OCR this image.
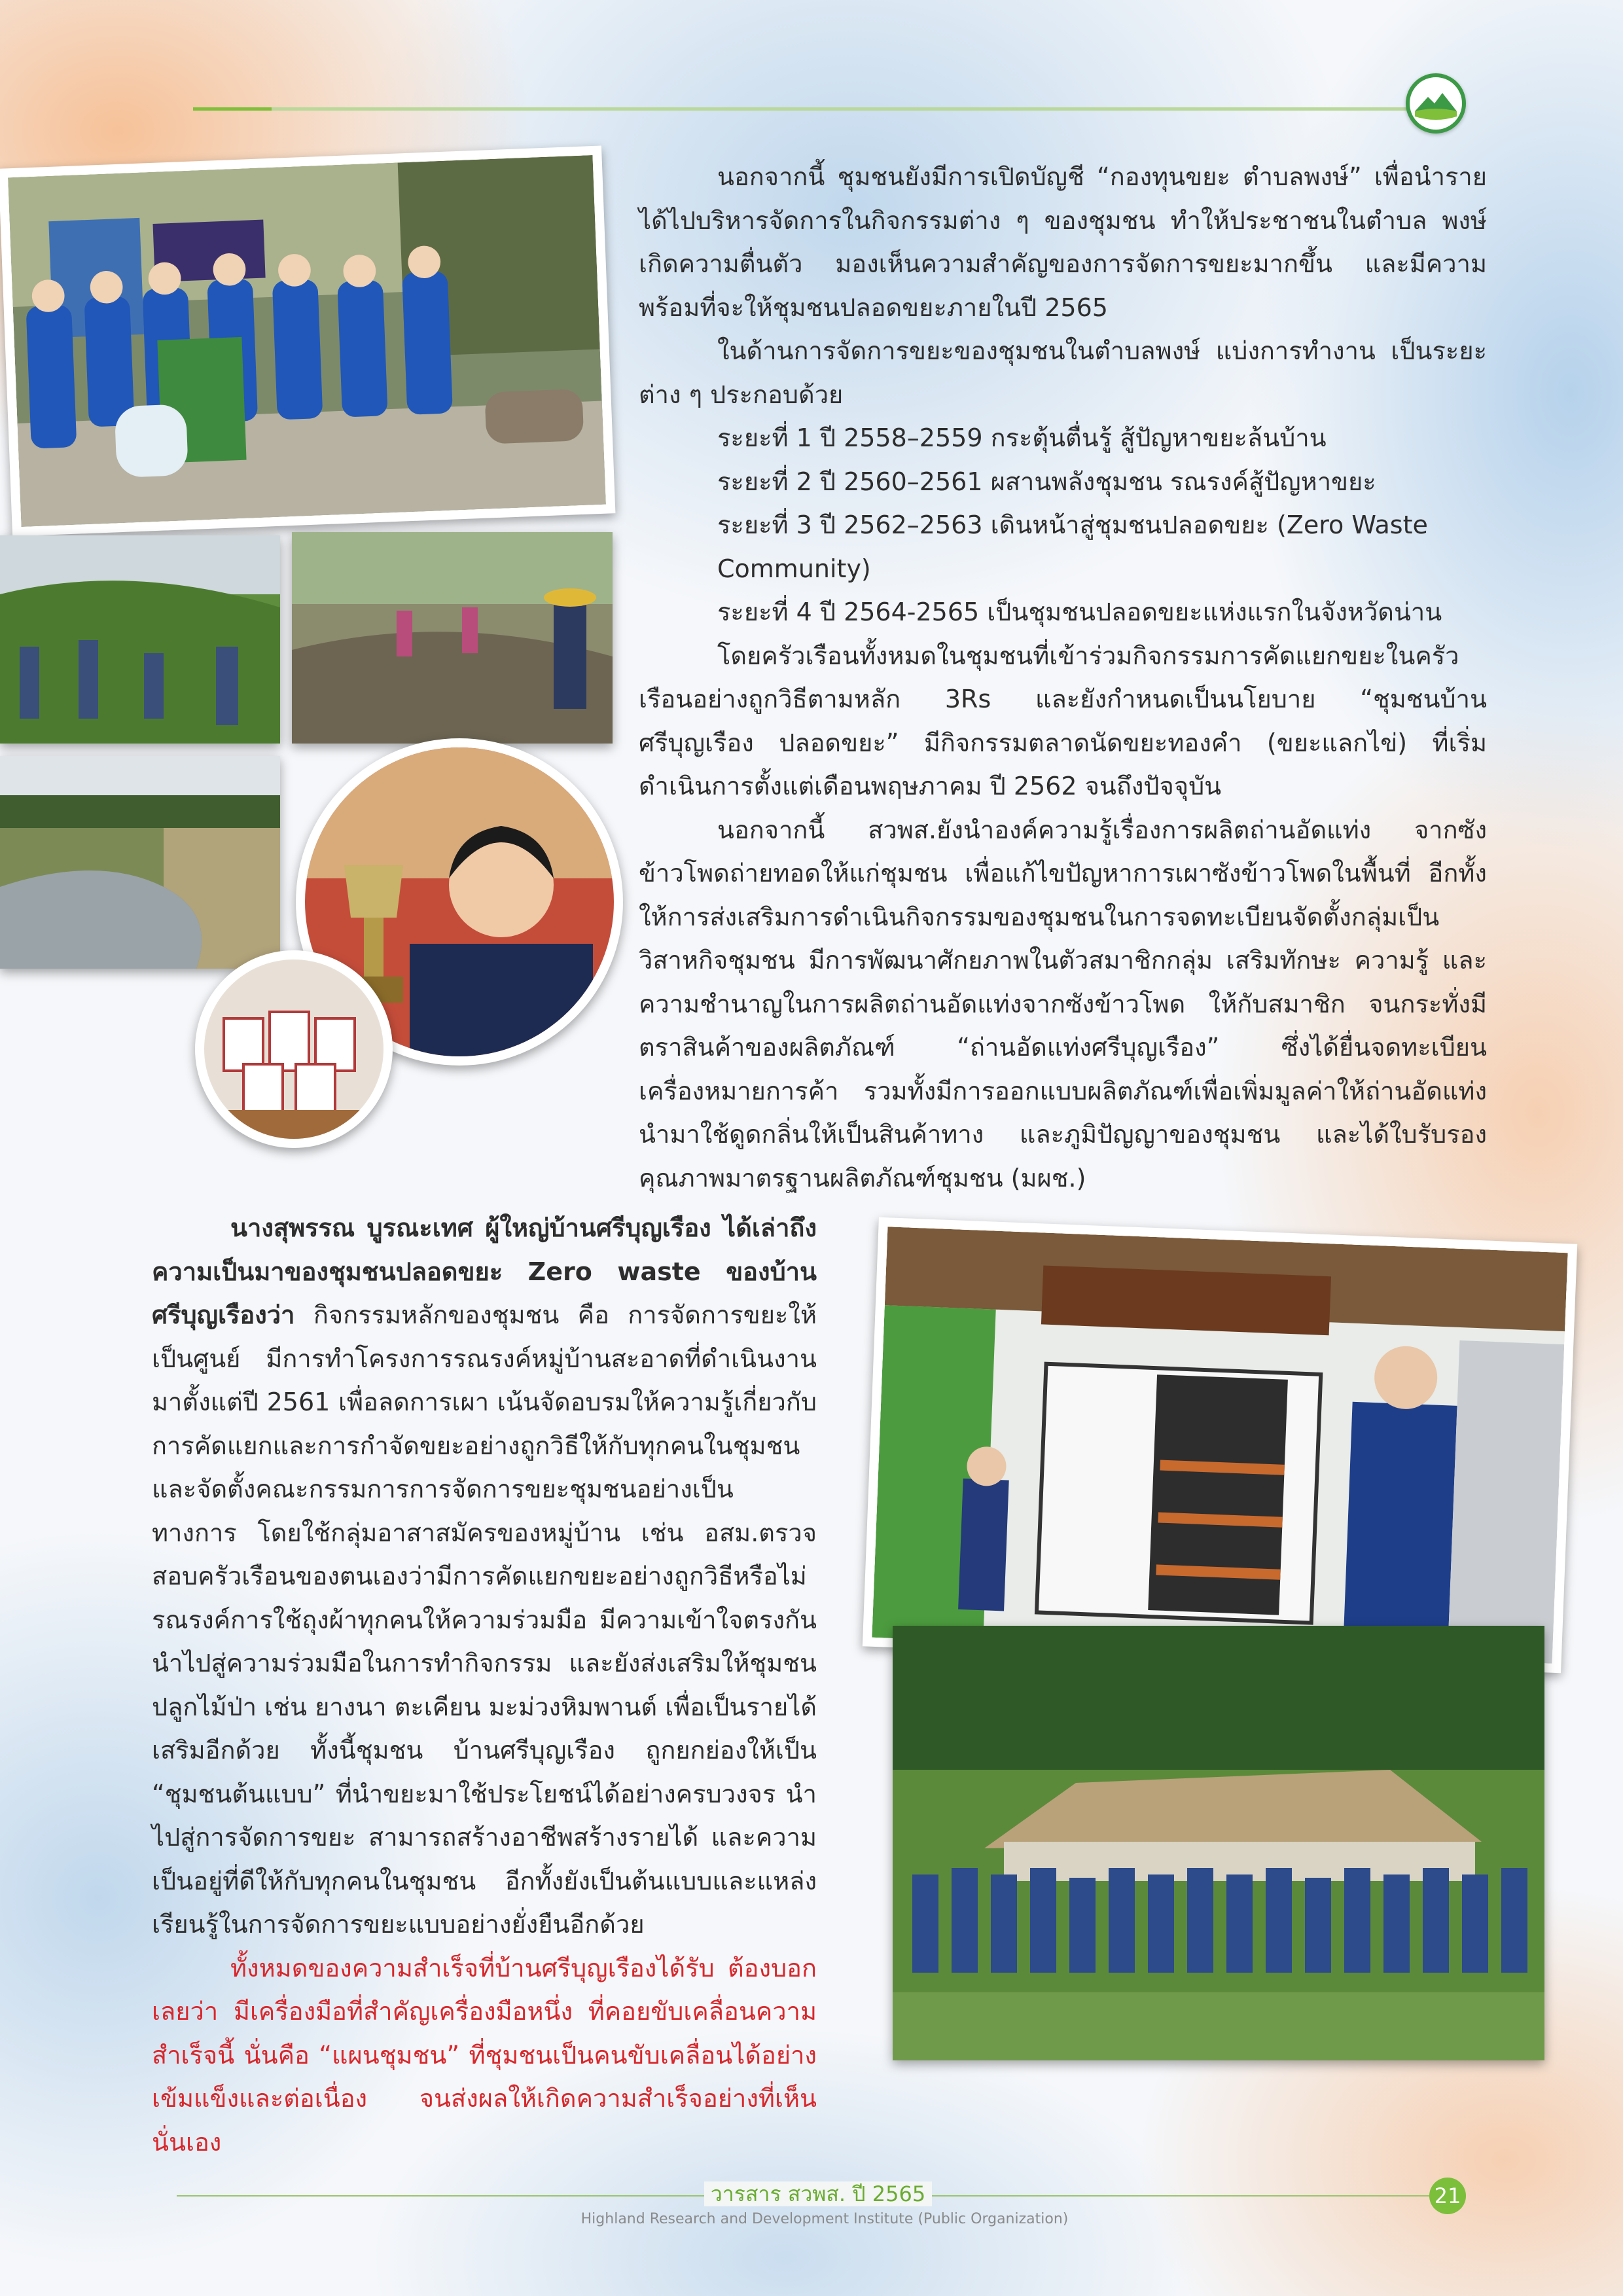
นอกจากนี้ ชุมชนยังมีการเปิดบัญชี “กองทุนขยะ ตำบลพงษ์” เพื่อนำรายได้ไปบริหารจัดการในกิจกรรมต่าง ๆ ของชุมชน ทำให้ประชาชนในตำบล พงษ์ เกิดความตื่นตัว มองเห็นความสำคัญของการจัดการขยะมากขึ้น และมีความพร้อมที่จะให้ชุมชนปลอดขยะภายในปี 2565

ในด้านการจัดการขยะของชุมชนในตำบลพงษ์ แบ่งการทำงาน เป็นระยะต่าง ๆ ประกอบด้วย

ระยะที่ 1 ปี 2558–2559 กระตุ้นตื่นรู้ สู้ปัญหาขยะล้นบ้าน

ระยะที่ 2 ปี 2560–2561 ผสานพลังชุมชน รณรงค์สู้ปัญหาขยะ

ระยะที่ 3 ปี 2562–2563 เดินหน้าสู่ชุมชนปลอดขยะ (Zero Waste

Community)

ระยะที่ 4 ปี 2564-2565 เป็นชุมชนปลอดขยะแห่งแรกในจังหวัดน่าน

โดยครัวเรือนทั้งหมดในชุมชนที่เข้าร่วมกิจกรรมการคัดแยกขยะในครัวเรือนอย่างถูกวิธีตามหลัก 3Rs และยังกำหนดเป็นนโยบาย “ชุมชนบ้านศรีบุญเรือง ปลอดขยะ” มีกิจกรรมตลาดนัดขยะทองคำ (ขยะแลกไข่) ที่เริ่มดำเนินการตั้งแต่เดือนพฤษภาคม ปี 2562 จนถึงปัจจุบัน

นอกจากนี้ สวพส.ยังนำองค์ความรู้เรื่องการผลิตถ่านอัดแท่ง จากซังข้าวโพดถ่ายทอดให้แก่ชุมชน เพื่อแก้ไขปัญหาการเผาซังข้าวโพดในพื้นที่ อีกทั้งให้การส่งเสริมการดำเนินกิจกรรมของชุมชนในการจดทะเบียนจัดตั้งกลุ่มเป็นวิสาหกิจชุมชน มีการพัฒนาศักยภาพในตัวสมาชิกกลุ่ม เสริมทักษะ ความรู้ และความชำนาญในการผลิตถ่านอัดแท่งจากซังข้าวโพด ให้กับสมาชิก จนกระทั่งมีตราสินค้าของผลิตภัณฑ์ “ถ่านอัดแท่งศรีบุญเรือง” ซึ่งได้ยื่นจดทะเบียนเครื่องหมายการค้า รวมทั้งมีการออกแบบผลิตภัณฑ์เพื่อเพิ่มมูลค่าให้ถ่านอัดแท่งนำมาใช้ดูดกลิ่นให้เป็นสินค้าทาง และภูมิปัญญาของชุมชน และได้ใบรับรองคุณภาพมาตรฐานผลิตภัณฑ์ชุมชน (มผช.)

นางสุพรรณ บูรณะเทศ ผู้ใหญ่บ้านศรีบุญเรือง ได้เล่าถึงความเป็นมาของชุมชนปลอดขยะ Zero waste ของบ้านศรีบุญเรืองว่า กิจกรรมหลักของชุมชน คือ การจัดการขยะให้เป็นศูนย์ มีการทำโครงการรณรงค์หมู่บ้านสะอาดที่ดำเนินงานมาตั้งแต่ปี 2561 เพื่อลดการเผา เน้นจัดอบรมให้ความรู้เกี่ยวกับการคัดแยกและการกำจัดขยะอย่างถูกวิธีให้กับทุกคนในชุมชน และจัดตั้งคณะกรรมการการจัดการขยะชุมชนอย่างเป็นทางการ โดยใช้กลุ่มอาสาสมัครของหมู่บ้าน เช่น อสม.ตรวจสอบครัวเรือนของตนเองว่ามีการคัดแยกขยะอย่างถูกวิธีหรือไม่ รณรงค์การใช้ถุงผ้าทุกคนให้ความร่วมมือ มีความเข้าใจตรงกัน นำไปสู่ความร่วมมือในการทำกิจกรรม และยังส่งเสริมให้ชุมชนปลูกไม้ป่า เช่น ยางนา ตะเคียน มะม่วงหิมพานต์ เพื่อเป็นรายได้เสริมอีกด้วย ทั้งนี้ชุมชน บ้านศรีบุญเรือง ถูกยกย่องให้เป็น “ชุมชนต้นแบบ” ที่นำขยะมาใช้ประโยชน์ได้อย่างครบวงจร นำไปสู่การจัดการขยะ สามารถสร้างอาชีพสร้างรายได้ และความเป็นอยู่ที่ดีให้กับทุกคนในชุมชน อีกทั้งยังเป็นต้นแบบและแหล่งเรียนรู้ในการจัดการขยะแบบอย่างยั่งยืนอีกด้วย

ทั้งหมดของความสำเร็จที่บ้านศรีบุญเรืองได้รับ ต้องบอกเลยว่า มีเครื่องมือที่สำคัญเครื่องมือหนึ่ง ที่คอยขับเคลื่อนความสำเร็จนี้ นั่นคือ “แผนชุมชน” ที่ชุมชนเป็นคนขับเคลื่อนได้อย่างเข้มแข็งและต่อเนื่อง จนส่งผลให้เกิดความสำเร็จอย่างที่เห็นนั่นเอง

วารสาร สวพส. ปี 2565
Highland Research and Development Institute (Public Organization)
21
